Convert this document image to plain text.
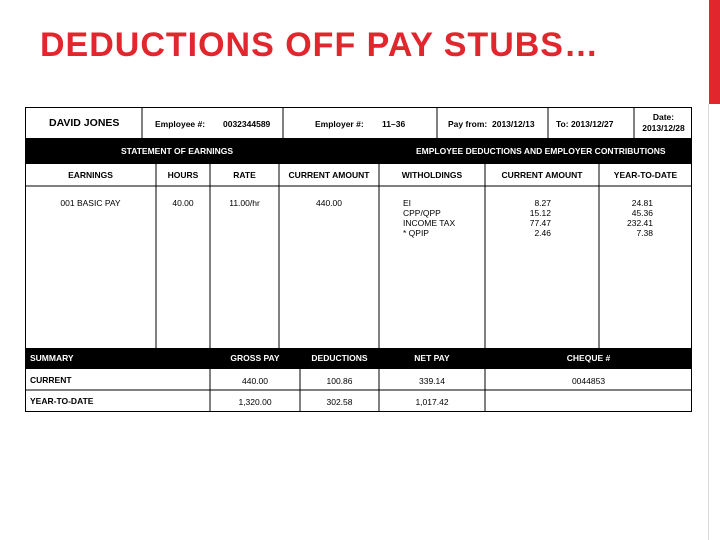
DEDUCTIONS OFF PAY STUBS…
DAVID JONES	Employee #: 0032344589	Employer #: 11–36	Pay from: 2013/12/13	To: 2013/12/27
Date:
2013/12/28
STATEMENT OF EARNINGS	EMPLOYEE DEDUCTIONS AND EMPLOYER CONTRIBUTIONS
EARNINGS	HOURS	RATE	CURRENT AMOUNT	WITHOLDINGS	CURRENT AMOUNT	YEAR-TO-DATE
001 BASIC PAY	40.00	11.00/hr	440.00	EI	8.27	24.81
CPP/QPP	15.12	45.36
INCOME TAX	77.47	232.41
* QPIP	2.46	7.38
SUMMARY	GROSS PAY	DEDUCTIONS	NET PAY	CHEQUE #
CURRENT	440.00	100.86	339.14	0044853
YEAR-TO-DATE	1,320.00	302.58	1,017.42
